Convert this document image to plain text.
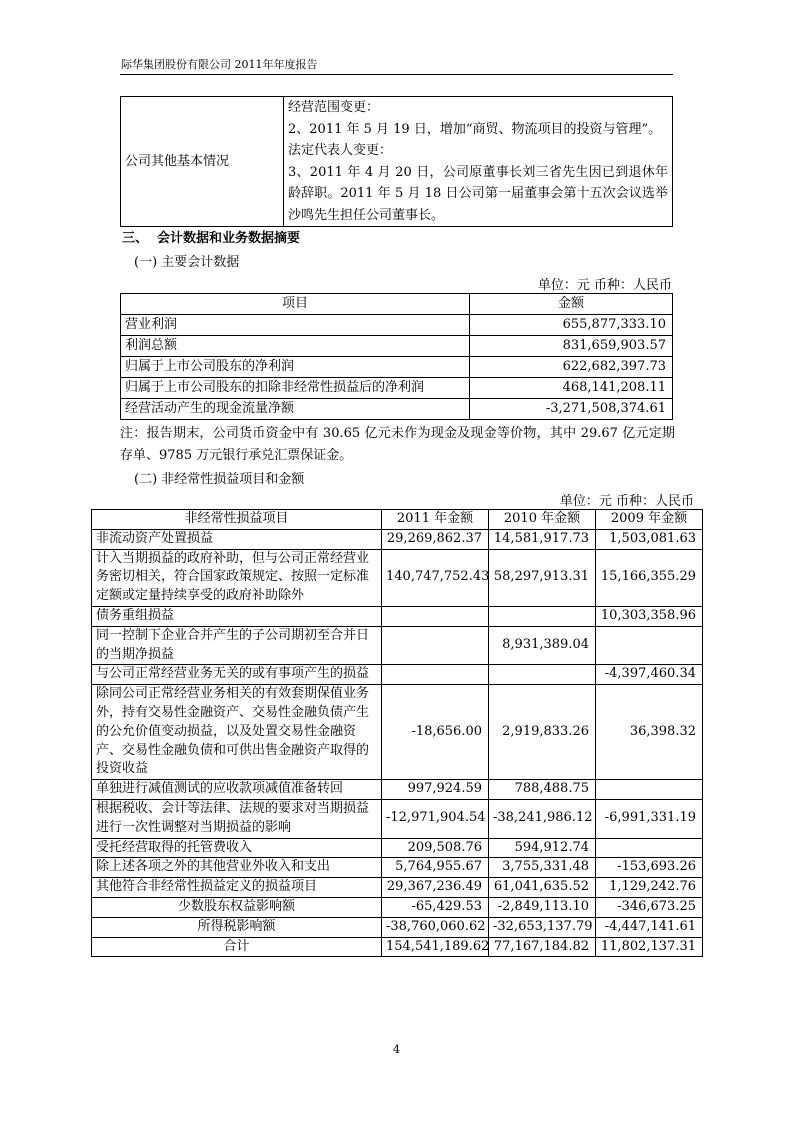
际华集团股份有限公司 2011年年度报告
公司其他基本情况	
经营范围变更：
2、2011 年 5 月 19 日，增加“商贸、物流项目的投资与管理”。
法定代表人变更：
3、2011 年 4 月 20 日，公司原董事长刘三省先生因已到退休年龄辞职。2011 年 5 月 18 日公司第一届董事会第十五次会议选举沙鸣先生担任公司董事长。
三、  会计数据和业务数据摘要
(一) 主要会计数据
单位：元 币种：人民币
项目	金额
营业利润	655,877,333.10
利润总额	831,659,903.57
归属于上市公司股东的净利润	622,682,397.73
归属于上市公司股东的扣除非经常性损益后的净利润	468,141,208.11
经营活动产生的现金流量净额	-3,271,508,374.61
注：报告期末，公司货币资金中有 30.65 亿元未作为现金及现金等价物，其中 29.67 亿元定期存单、9785 万元银行承兑汇票保证金。
(二) 非经常性损益项目和金额
单位：元 币种：人民币
非经常性损益项目	2011 年金额	2010 年金额	2009 年金额
非流动资产处置损益	29,269,862.37	14,581,917.73	1,503,081.63
计入当期损益的政府补助，但与公司正常经营业务密切相关，符合国家政策规定、按照一定标准定额或定量持续享受的政府补助除外	140,747,752.43	58,297,913.31	15,166,355.29
债务重组损益			10,303,358.96
同一控制下企业合并产生的子公司期初至合并日的当期净损益		8,931,389.04	
与公司正常经营业务无关的或有事项产生的损益			-4,397,460.34
除同公司正常经营业务相关的有效套期保值业务外，持有交易性金融资产、交易性金融负债产生的公允价值变动损益，以及处置交易性金融资产、交易性金融负债和可供出售金融资产取得的投资收益	-18,656.00	2,919,833.26	36,398.32
单独进行减值测试的应收款项减值准备转回	997,924.59	788,488.75	
根据税收、会计等法律、法规的要求对当期损益进行一次性调整对当期损益的影响	-12,971,904.54	-38,241,986.12	-6,991,331.19
受托经营取得的托管费收入	209,508.76	594,912.74	
除上述各项之外的其他营业外收入和支出	5,764,955.67	3,755,331.48	-153,693.26
其他符合非经常性损益定义的损益项目	29,367,236.49	61,041,635.52	1,129,242.76
少数股东权益影响额	-65,429.53	-2,849,113.10	-346,673.25
所得税影响额	-38,760,060.62	-32,653,137.79	-4,447,141.61
合计	154,541,189.62	77,167,184.82	11,802,137.31
4
